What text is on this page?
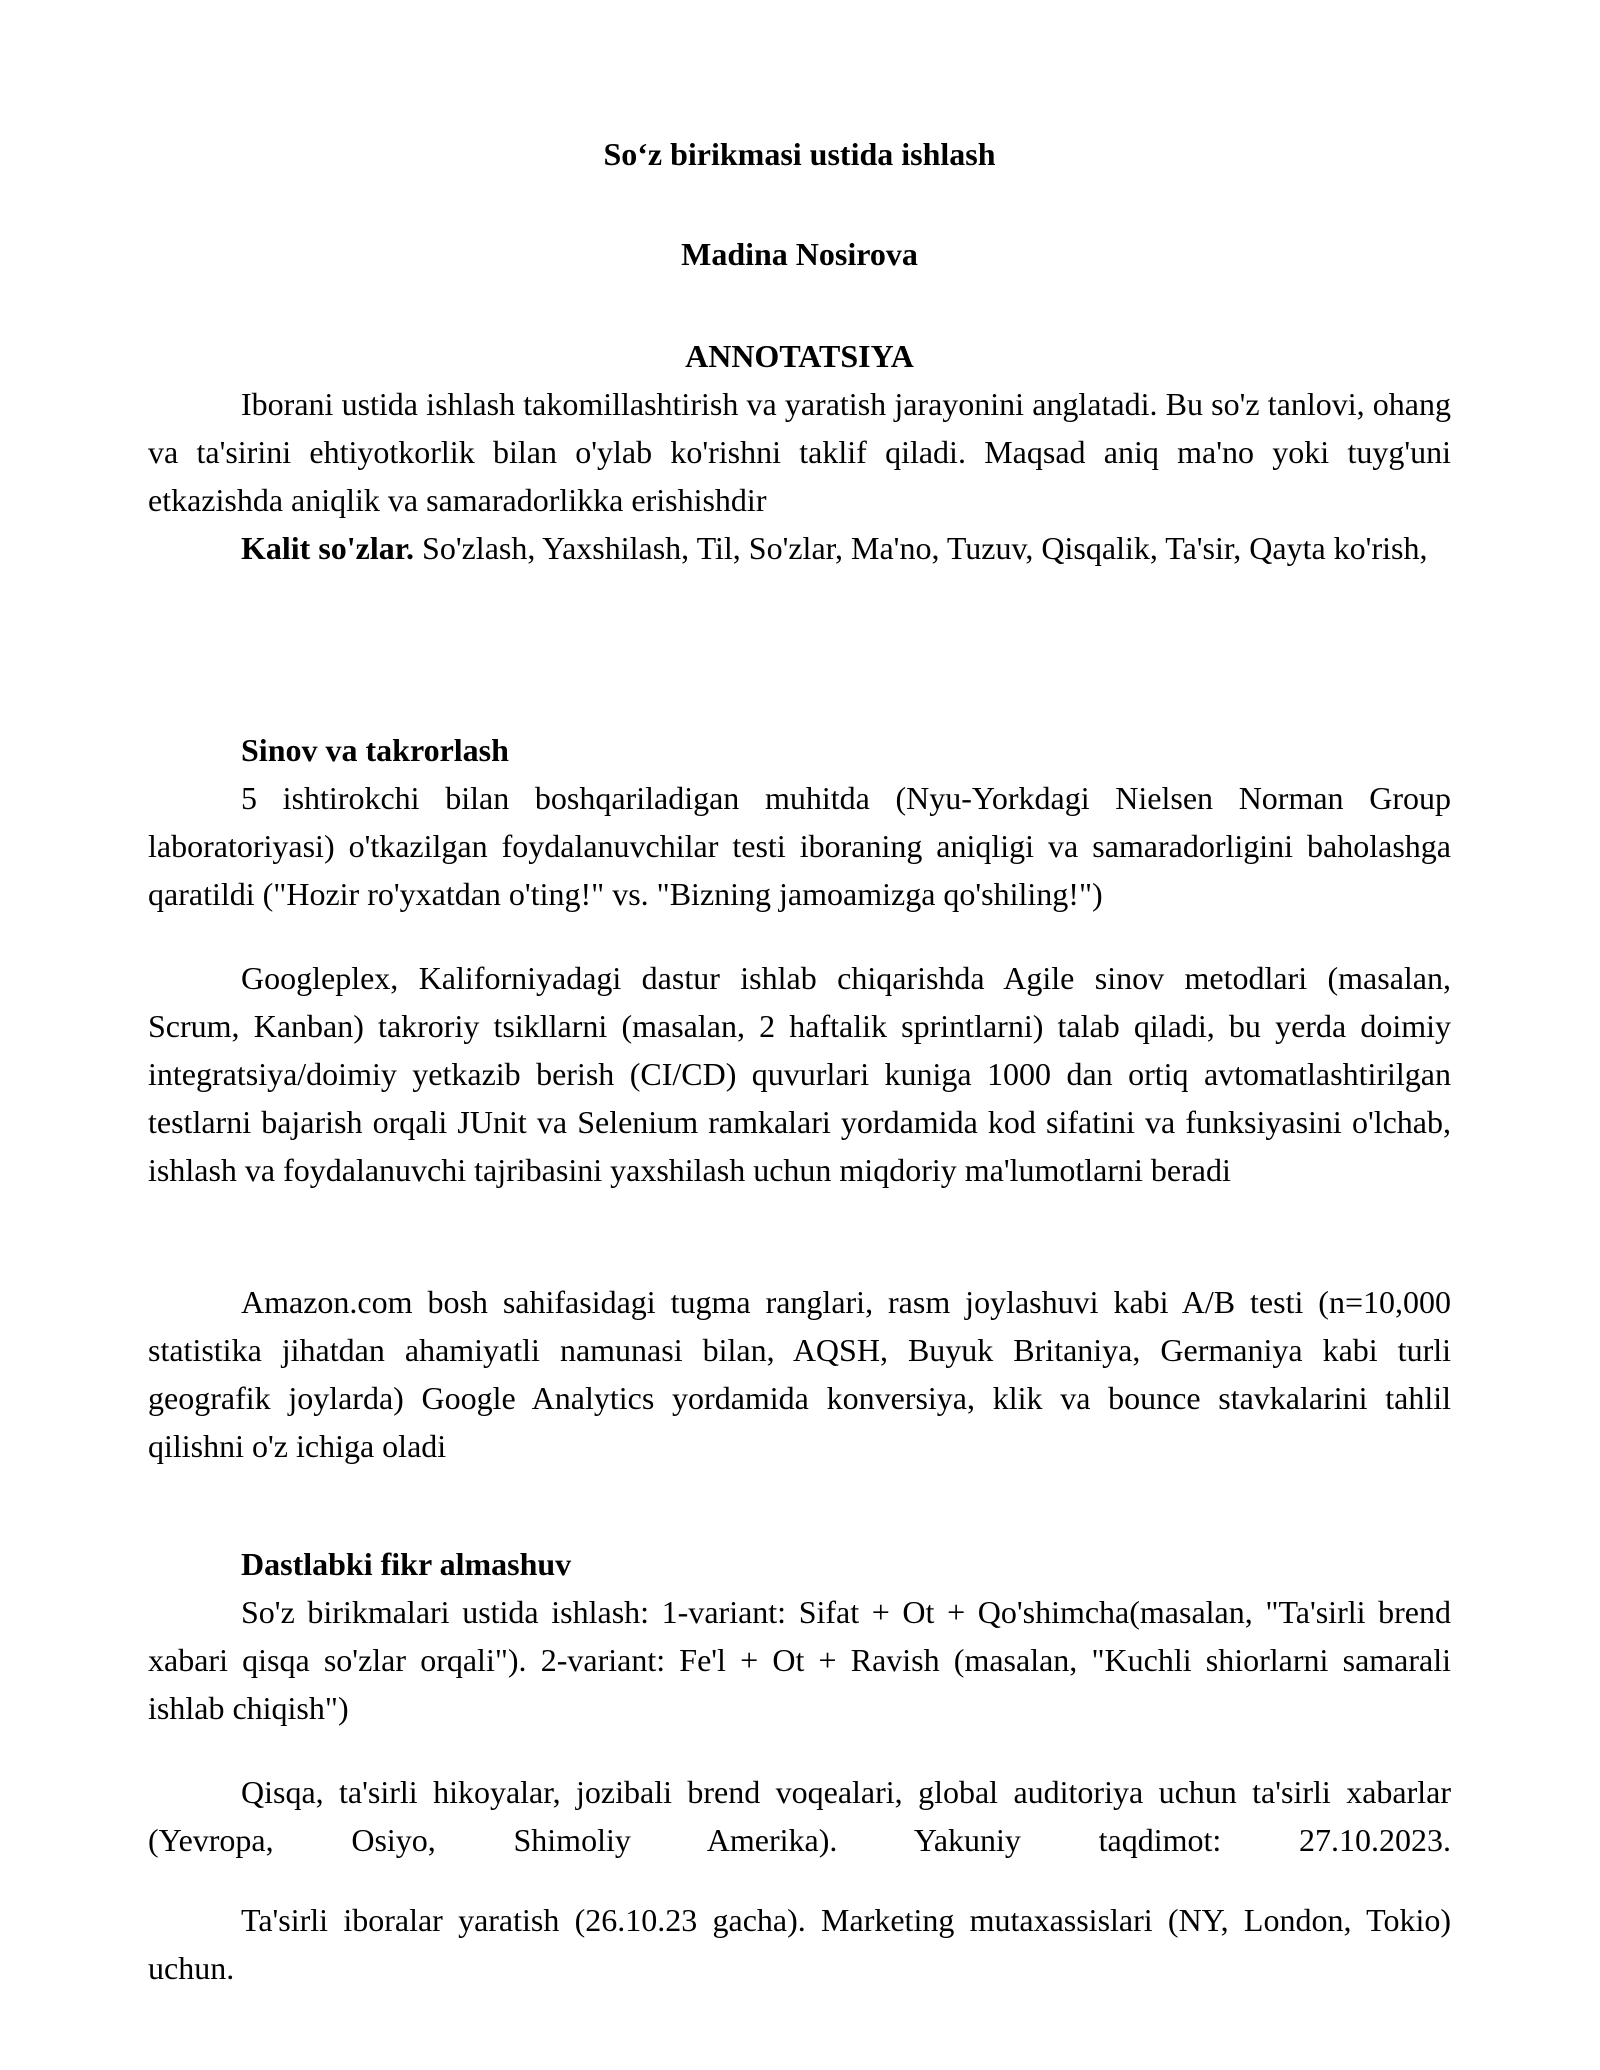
So‘z birikmasi ustida ishlash
Madina Nosirova
ANNOTATSIYA

Iborani ustida ishlash takomillashtirish va yaratish jarayonini anglatadi. Bu so'z tanlovi, ohang va ta'sirini ehtiyotkorlik bilan o'ylab ko'rishni taklif qiladi. Maqsad aniq ma'no yoki tuyg'uni etkazishda aniqlik va samaradorlikka erishishdir

Kalit so'zlar. So'zlash, Yaxshilash, Til, So'zlar, Ma'no, Tuzuv, Qisqalik, Ta'sir, Qayta ko'rish,

Sinov va takrorlash

5 ishtirokchi bilan boshqariladigan muhitda (Nyu-Yorkdagi Nielsen Norman Group laboratoriyasi) o'tkazilgan foydalanuvchilar testi iboraning aniqligi va samaradorligini baholashga qaratildi ("Hozir ro'yxatdan o'ting!" vs. "Bizning jamoamizga qo'shiling!")

Googleplex, Kaliforniyadagi dastur ishlab chiqarishda Agile sinov metodlari (masalan, Scrum, Kanban) takroriy tsikllarni (masalan, 2 haftalik sprintlarni) talab qiladi, bu yerda doimiy integratsiya/doimiy yetkazib berish (CI/CD) quvurlari kuniga 1000 dan ortiq avtomatlashtirilgan testlarni bajarish orqali JUnit va Selenium ramkalari yordamida kod sifatini va funksiyasini o'lchab, ishlash va foydalanuvchi tajribasini yaxshilash uchun miqdoriy ma'lumotlarni beradi

Amazon.com bosh sahifasidagi tugma ranglari, rasm joylashuvi kabi A/B testi (n=10,000 statistika jihatdan ahamiyatli namunasi bilan, AQSH, Buyuk Britaniya, Germaniya kabi turli geografik joylarda) Google Analytics yordamida konversiya, klik va bounce stavkalarini tahlil qilishni o'z ichiga oladi

Dastlabki fikr almashuv

So'z birikmalari ustida ishlash: 1-variant: Sifat + Ot + Qo'shimcha(masalan, "Ta'sirli brend xabari qisqa so'zlar orqali"). 2-variant: Fe'l + Ot + Ravish (masalan, "Kuchli shiorlarni samarali ishlab chiqish")

Qisqa, ta'sirli hikoyalar, jozibali brend voqealari, global auditoriya uchun ta'sirli xabarlar (Yevropa, Osiyo, Shimoliy Amerika). Yakuniy taqdimot: 27.10.2023.

Ta'sirli iboralar yaratish (26.10.23 gacha). Marketing mutaxassislari (NY, London, Tokio) uchun.
